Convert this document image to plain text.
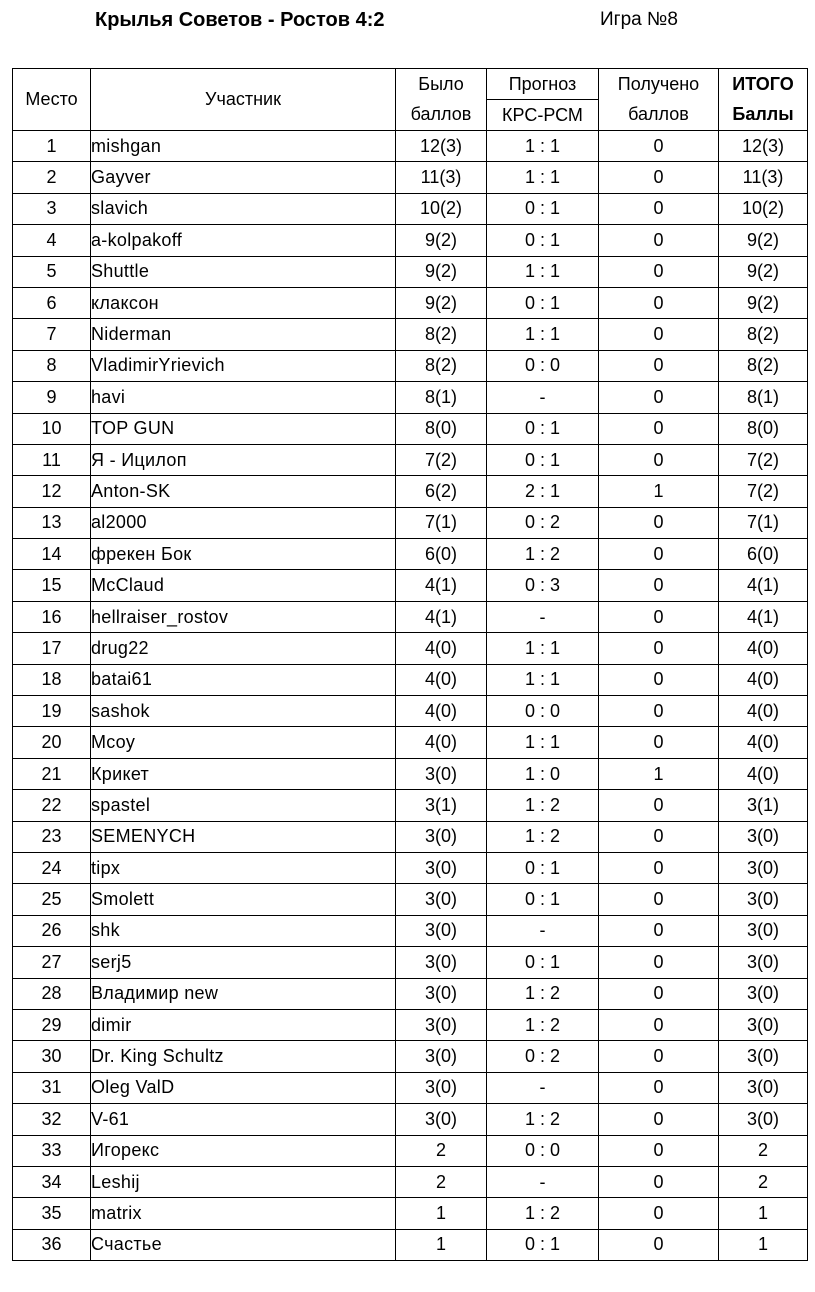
Крылья Советов - Ростов 4:2	Игра №8
Место	Участник	Было	Прогноз	Получено	ИТОГО
		баллов	КРС-РСМ	баллов	Баллы
1	mishgan	12(3)	1 : 1	0	12(3)
2	Gayver	11(3)	1 : 1	0	11(3)
3	slavich	10(2)	0 : 1	0	10(2)
4	a-kolpakoff	9(2)	0 : 1	0	9(2)
5	Shuttle	9(2)	1 : 1	0	9(2)
6	клаксон	9(2)	0 : 1	0	9(2)
7	Niderman	8(2)	1 : 1	0	8(2)
8	VladimirYrievich	8(2)	0 : 0	0	8(2)
9	havi	8(1)	-	0	8(1)
10	TOP GUN	8(0)	0 : 1	0	8(0)
11	Я - Ицилоп	7(2)	0 : 1	0	7(2)
12	Anton-SK	6(2)	2 : 1	1	7(2)
13	al2000	7(1)	0 : 2	0	7(1)
14	фрекен Бок	6(0)	1 : 2	0	6(0)
15	McClaud	4(1)	0 : 3	0	4(1)
16	hellraiser_rostov	4(1)	-	0	4(1)
17	drug22	4(0)	1 : 1	0	4(0)
18	batai61	4(0)	1 : 1	0	4(0)
19	sashok	4(0)	0 : 0	0	4(0)
20	Mcoy	4(0)	1 : 1	0	4(0)
21	Крикет	3(0)	1 : 0	1	4(0)
22	spastel	3(1)	1 : 2	0	3(1)
23	SEMENYCH	3(0)	1 : 2	0	3(0)
24	tipx	3(0)	0 : 1	0	3(0)
25	Smolett	3(0)	0 : 1	0	3(0)
26	shk	3(0)	-	0	3(0)
27	serj5	3(0)	0 : 1	0	3(0)
28	Владимир new	3(0)	1 : 2	0	3(0)
29	dimir	3(0)	1 : 2	0	3(0)
30	Dr. King Schultz	3(0)	0 : 2	0	3(0)
31	Oleg ValD	3(0)	-	0	3(0)
32	V-61	3(0)	1 : 2	0	3(0)
33	Игорекс	2	0 : 0	0	2
34	Leshij	2	-	0	2
35	matrix	1	1 : 2	0	1
36	Счастье	1	0 : 1	0	1
